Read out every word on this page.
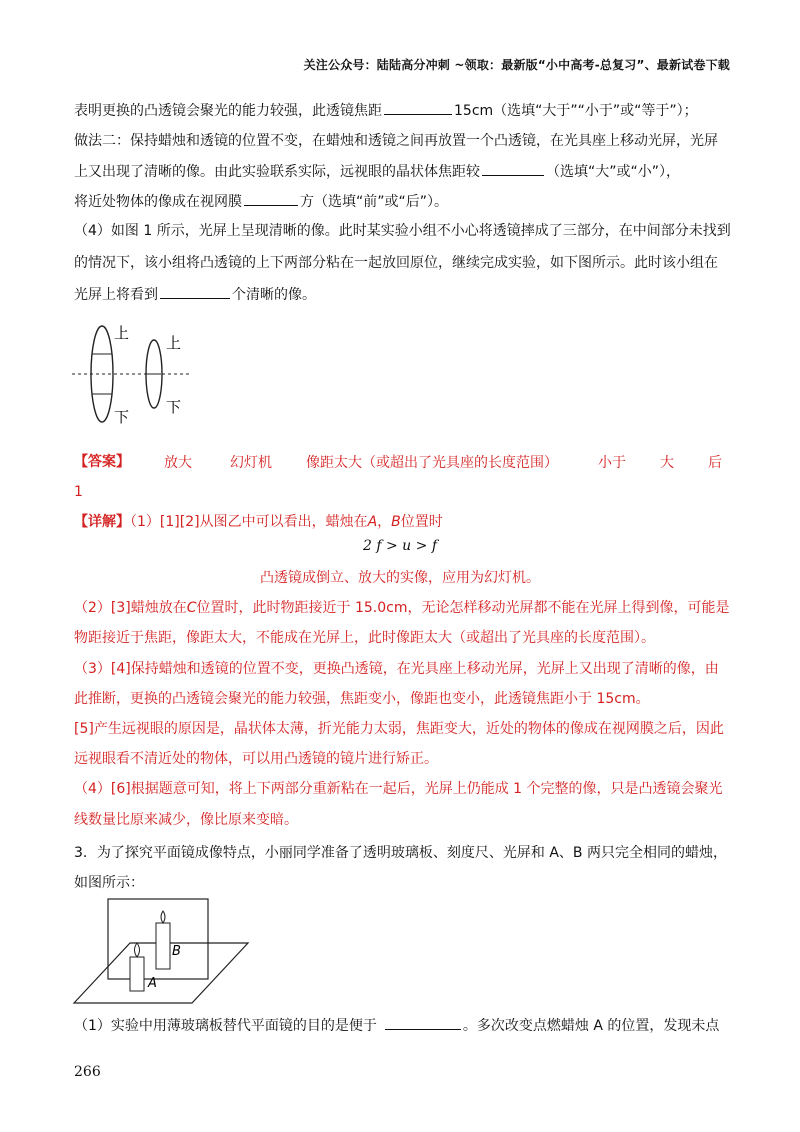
关注公众号：陆陆高分冲刺 ~领取：最新版“小中高考-总复习”、最新试卷下载
表明更换的凸透镜会聚光的能力较强，此透镜焦距	15cm（选填“大于”“小于”或“等于”）；
做法二：保持蜡烛和透镜的位置不变，在蜡烛和透镜之间再放置一个凸透镜，在光具座上移动光屏，光屏
上又出现了清晰的像。由此实验联系实际，远视眼的晶状体焦距较	（选填“大”或“小”），
将近处物体的像成在视网膜	方（选填“前”或“后”）。
（4）如图 1 所示，光屏上呈现清晰的像。此时某实验小组不小心将透镜摔成了三部分，在中间部分未找到
的情况下，该小组将凸透镜的上下两部分粘在一起放回原位，继续完成实验，如下图所示。此时该小组在
光屏上将看到	个清晰的像。
上
上
下
下
【答案】 放大	幻灯机 像距太大（或超出了光具座的长度范围）	小于 大 后
1
【详解】（1）[1][2]从图乙中可以看出，蜡烛在A，B位置时
2 f > u > f
凸透镜成倒立、放大的实像，应用为幻灯机。
（2）[3]蜡烛放在C位置时，此时物距接近于 15.0cm，无论怎样移动光屏都不能在光屏上得到像，可能是
物距接近于焦距，像距太大，不能成在光屏上，此时像距太大（或超出了光具座的长度范围）。
（3）[4]保持蜡烛和透镜的位置不变，更换凸透镜，在光具座上移动光屏，光屏上又出现了清晰的像，由
此推断，更换的凸透镜会聚光的能力较强，焦距变小，像距也变小，此透镜焦距小于 15cm。
[5]产生远视眼的原因是，晶状体太薄，折光能力太弱，焦距变大，近处的物体的像成在视网膜之后，因此
远视眼看不清近处的物体，可以用凸透镜的镜片进行矫正。
（4）[6]根据题意可知，将上下两部分重新粘在一起后，光屏上仍能成 1 个完整的像，只是凸透镜会聚光
线数量比原来减少，像比原来变暗。
3．为了探究平面镜成像特点，小丽同学准备了透明玻璃板、刻度尺、光屏和 A、B 两只完全相同的蜡烛，
如图所示：
B
A
（1）实验中用薄玻璃板替代平面镜的目的是便于	。多次改变点燃蜡烛 A 的位置，发现未点
266
